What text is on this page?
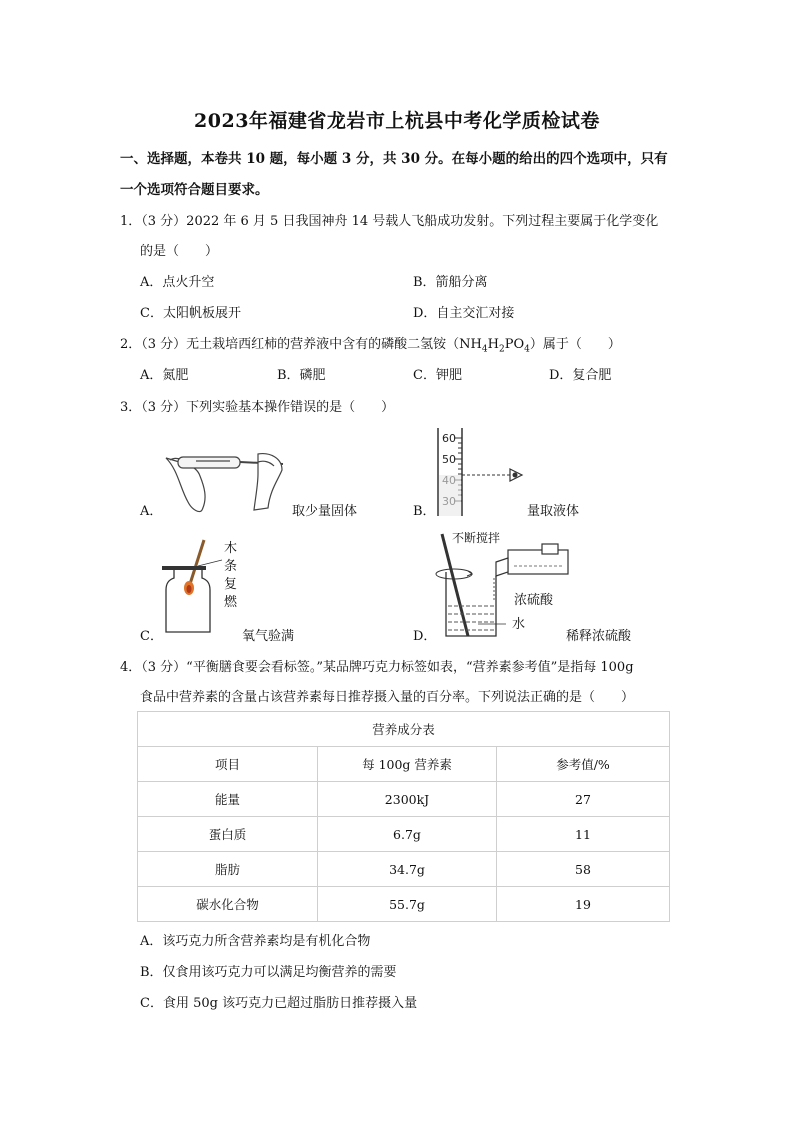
2023年福建省龙岩市上杭县中考化学质检试卷
一、选择题，本卷共 10 题，每小题 3 分，共 30 分。在每小题的给出的四个选项中，只有
一个选项符合题目要求。
1．（3 分）2022 年 6 月 5 日我国神舟 14 号载人飞船成功发射。下列过程主要属于化学变化
的是（　　）
A．点火升空	B．箭船分离
C．太阳帆板展开	D．自主交汇对接
2．（3 分）无土栽培西红柿的营养液中含有的磷酸二氢铵$(NH_4H_2PO_4)$属于（　　）
A．氮肥	B．磷肥	C．钾肥	D．复合肥
3．（3 分）下列实验基本操作错误的是（　　）
A．	取少量固体
60
50
B．	量取液体
木
条
复
燃
C．	氧气验满
不断搅拌
浓硫酸
水
D．	稀释浓硫酸
4．（3 分）“平衡膳食要会看标签。”某品牌巧克力标签如表，“营养素参考值”是指每 100g
食品中营养素的含量占该营养素每日推荐摄入量的百分率。下列说法正确的是（　　）
营养成分表		
项目	每 100g 营养素	参考值/%
能量	2300kJ	27
蛋白质	6.7g	11
脂肪	34.7g	58
碳水化合物	55.7g	19
A．该巧克力所含营养素均是有机化合物
B．仅食用该巧克力可以满足均衡营养的需要
C．食用 50g 该巧克力已超过脂肪日推荐摄入量
